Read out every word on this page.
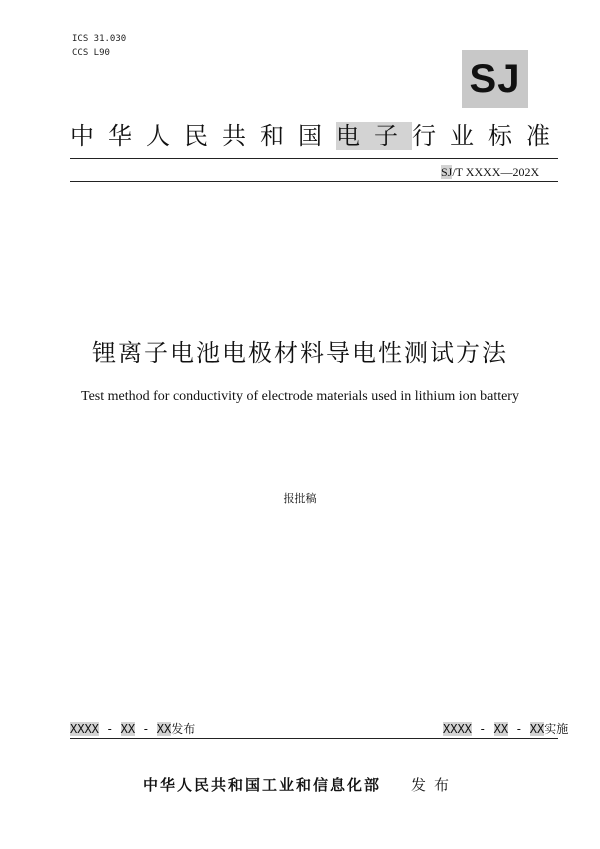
ICS 31.030
CCS L90
SJ
中华人民共和国电子行业标准
SJ/T XXXX—202X
锂离子电池电极材料导电性测试方法
Test method for conductivity of electrode materials used in lithium ion battery
报批稿
XXXX - XX - XX发布	XXXX - XX - XX实施
中华人民共和国工业和信息化部 发布
